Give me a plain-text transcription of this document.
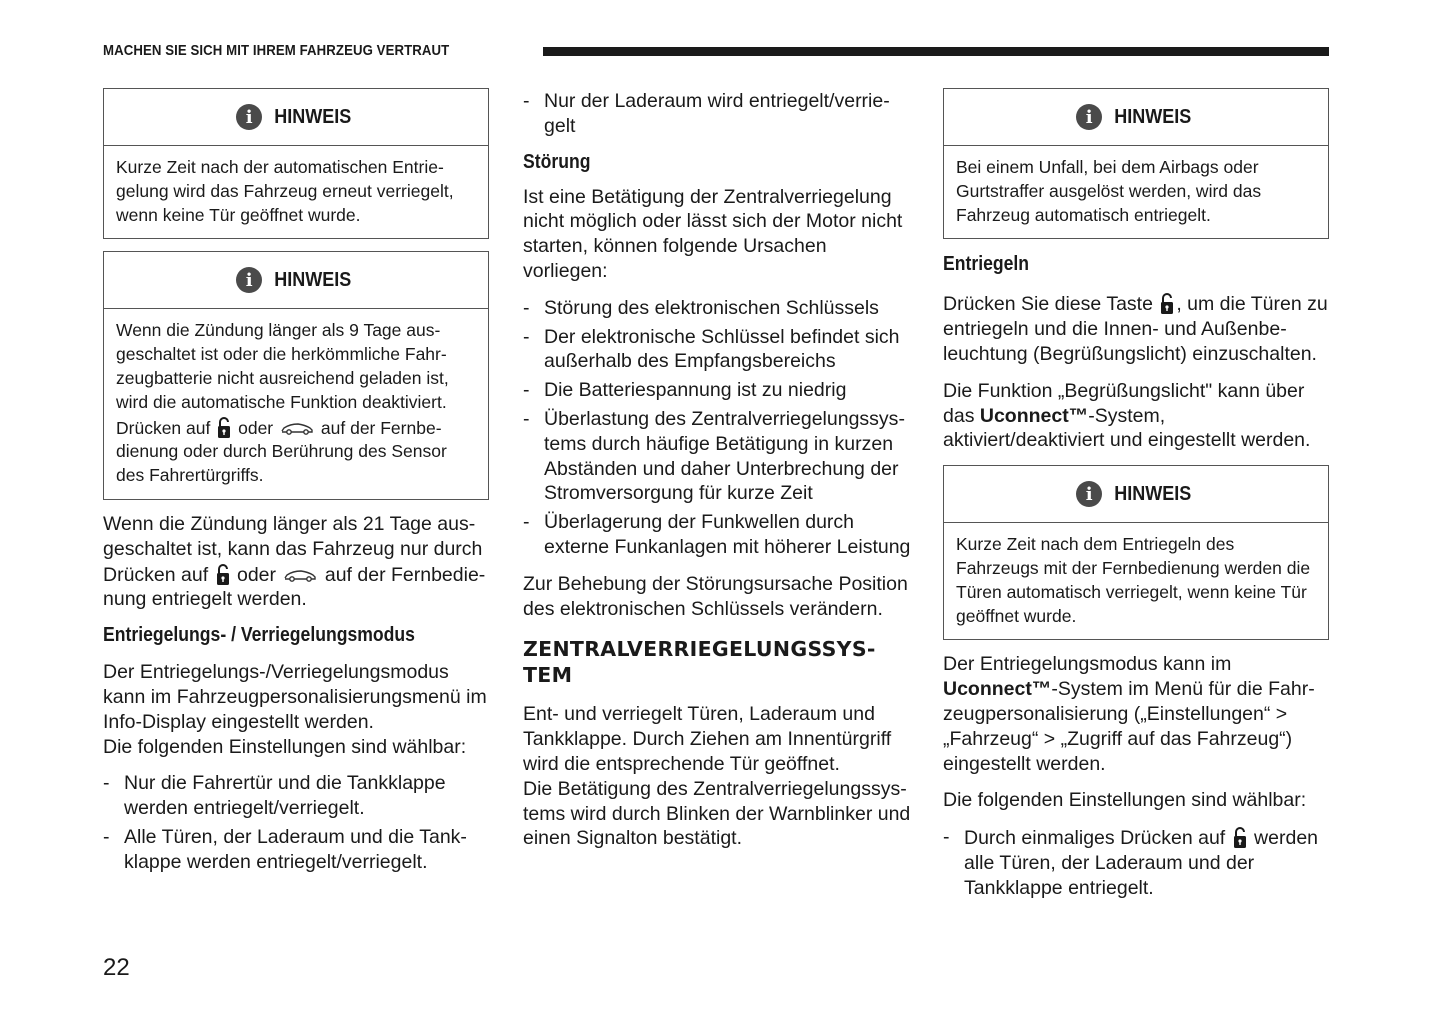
MACHEN SIE SICH MIT IHREM FAHRZEUG VERTRAUT
i	HINWEIS
Kurze Zeit nach der automatischen Entriegelung wird das Fahrzeug erneut verriegelt, wenn keine Tür geöffnet wurde.
i	HINWEIS
Wenn die Zündung länger als 9 Tage ausgeschaltet ist oder die herkömmliche Fahrzeugbatterie nicht ausreichend geladen ist, wird die automatische Funktion deaktiviert. Drücken auf oder	auf der Fernbedienung oder durch Berührung des Sensor des Fahrertürgriffs.

Wenn die Zündung länger als 21 Tage ausgeschaltet ist, kann das Fahrzeug nur durch Drücken auf oder	auf der Fernbedienung entriegelt werden.

Entriegelungs- / Verriegelungsmodus

Der Entriegelungs-/Verriegelungsmodus kann im Fahrzeugpersonalisierungsmenü im Info-Display eingestellt werden.

Die folgenden Einstellungen sind wählbar:

- Nur die Fahrertür und die Tankklappe werden entriegelt/verriegelt.
- Alle Türen, der Laderaum und die Tankklappe werden entriegelt/verriegelt.
- Nur der Laderaum wird entriegelt/verriegelt
Störung

Ist eine Betätigung der Zentralverriegelung nicht möglich oder lässt sich der Motor nicht starten, können folgende Ursachen vorliegen:

- Störung des elektronischen Schlüssels
- Der elektronische Schlüssel befindet sich außerhalb des Empfangsbereichs
- Die Batteriespannung ist zu niedrig
- Überlastung des Zentralverriegelungssystems durch häufige Betätigung in kurzen Abständen und daher Unterbrechung der Stromversorgung für kurze Zeit
- Überlagerung der Funkwellen durch externe Funkanlagen mit höherer Leistung

Zur Behebung der Störungsursache Position des elektronischen Schlüssels verändern.

ZENTRALVERRIEGELUNGSSYS-
TEM

Ent- und verriegelt Türen, Laderaum und Tankklappe. Durch Ziehen am Innentürgriff wird die entsprechende Tür geöffnet.

Die Betätigung des Zentralverriegelungssystems wird durch Blinken der Warnblinker und einen Signalton bestätigt.

i	HINWEIS
Bei einem Unfall, bei dem Airbags oder Gurtstraffer ausgelöst werden, wird das Fahrzeug automatisch entriegelt.
Entriegeln

Drücken Sie diese Taste , um die Türen zu entriegeln und die Innen- und Außenbeleuchtung (Begrüßungslicht) einzuschalten.

Die Funktion „Begrüßungslicht" kann über das Uconnect™-System, aktiviert/deaktiviert und eingestellt werden.

i	HINWEIS
Kurze Zeit nach dem Entriegeln des Fahrzeugs mit der Fernbedienung werden die Türen automatisch verriegelt, wenn keine Tür geöffnet wurde.

Der Entriegelungsmodus kann im Uconnect™-System im Menü für die Fahrzeugpersonalisierung („Einstellungen“ > „Fahrzeug“ > „Zugriff auf das Fahrzeug“) eingestellt werden.

Die folgenden Einstellungen sind wählbar:

- Durch einmaliges Drücken auf werden alle Türen, der Laderaum und der Tankklappe entriegelt.
22
